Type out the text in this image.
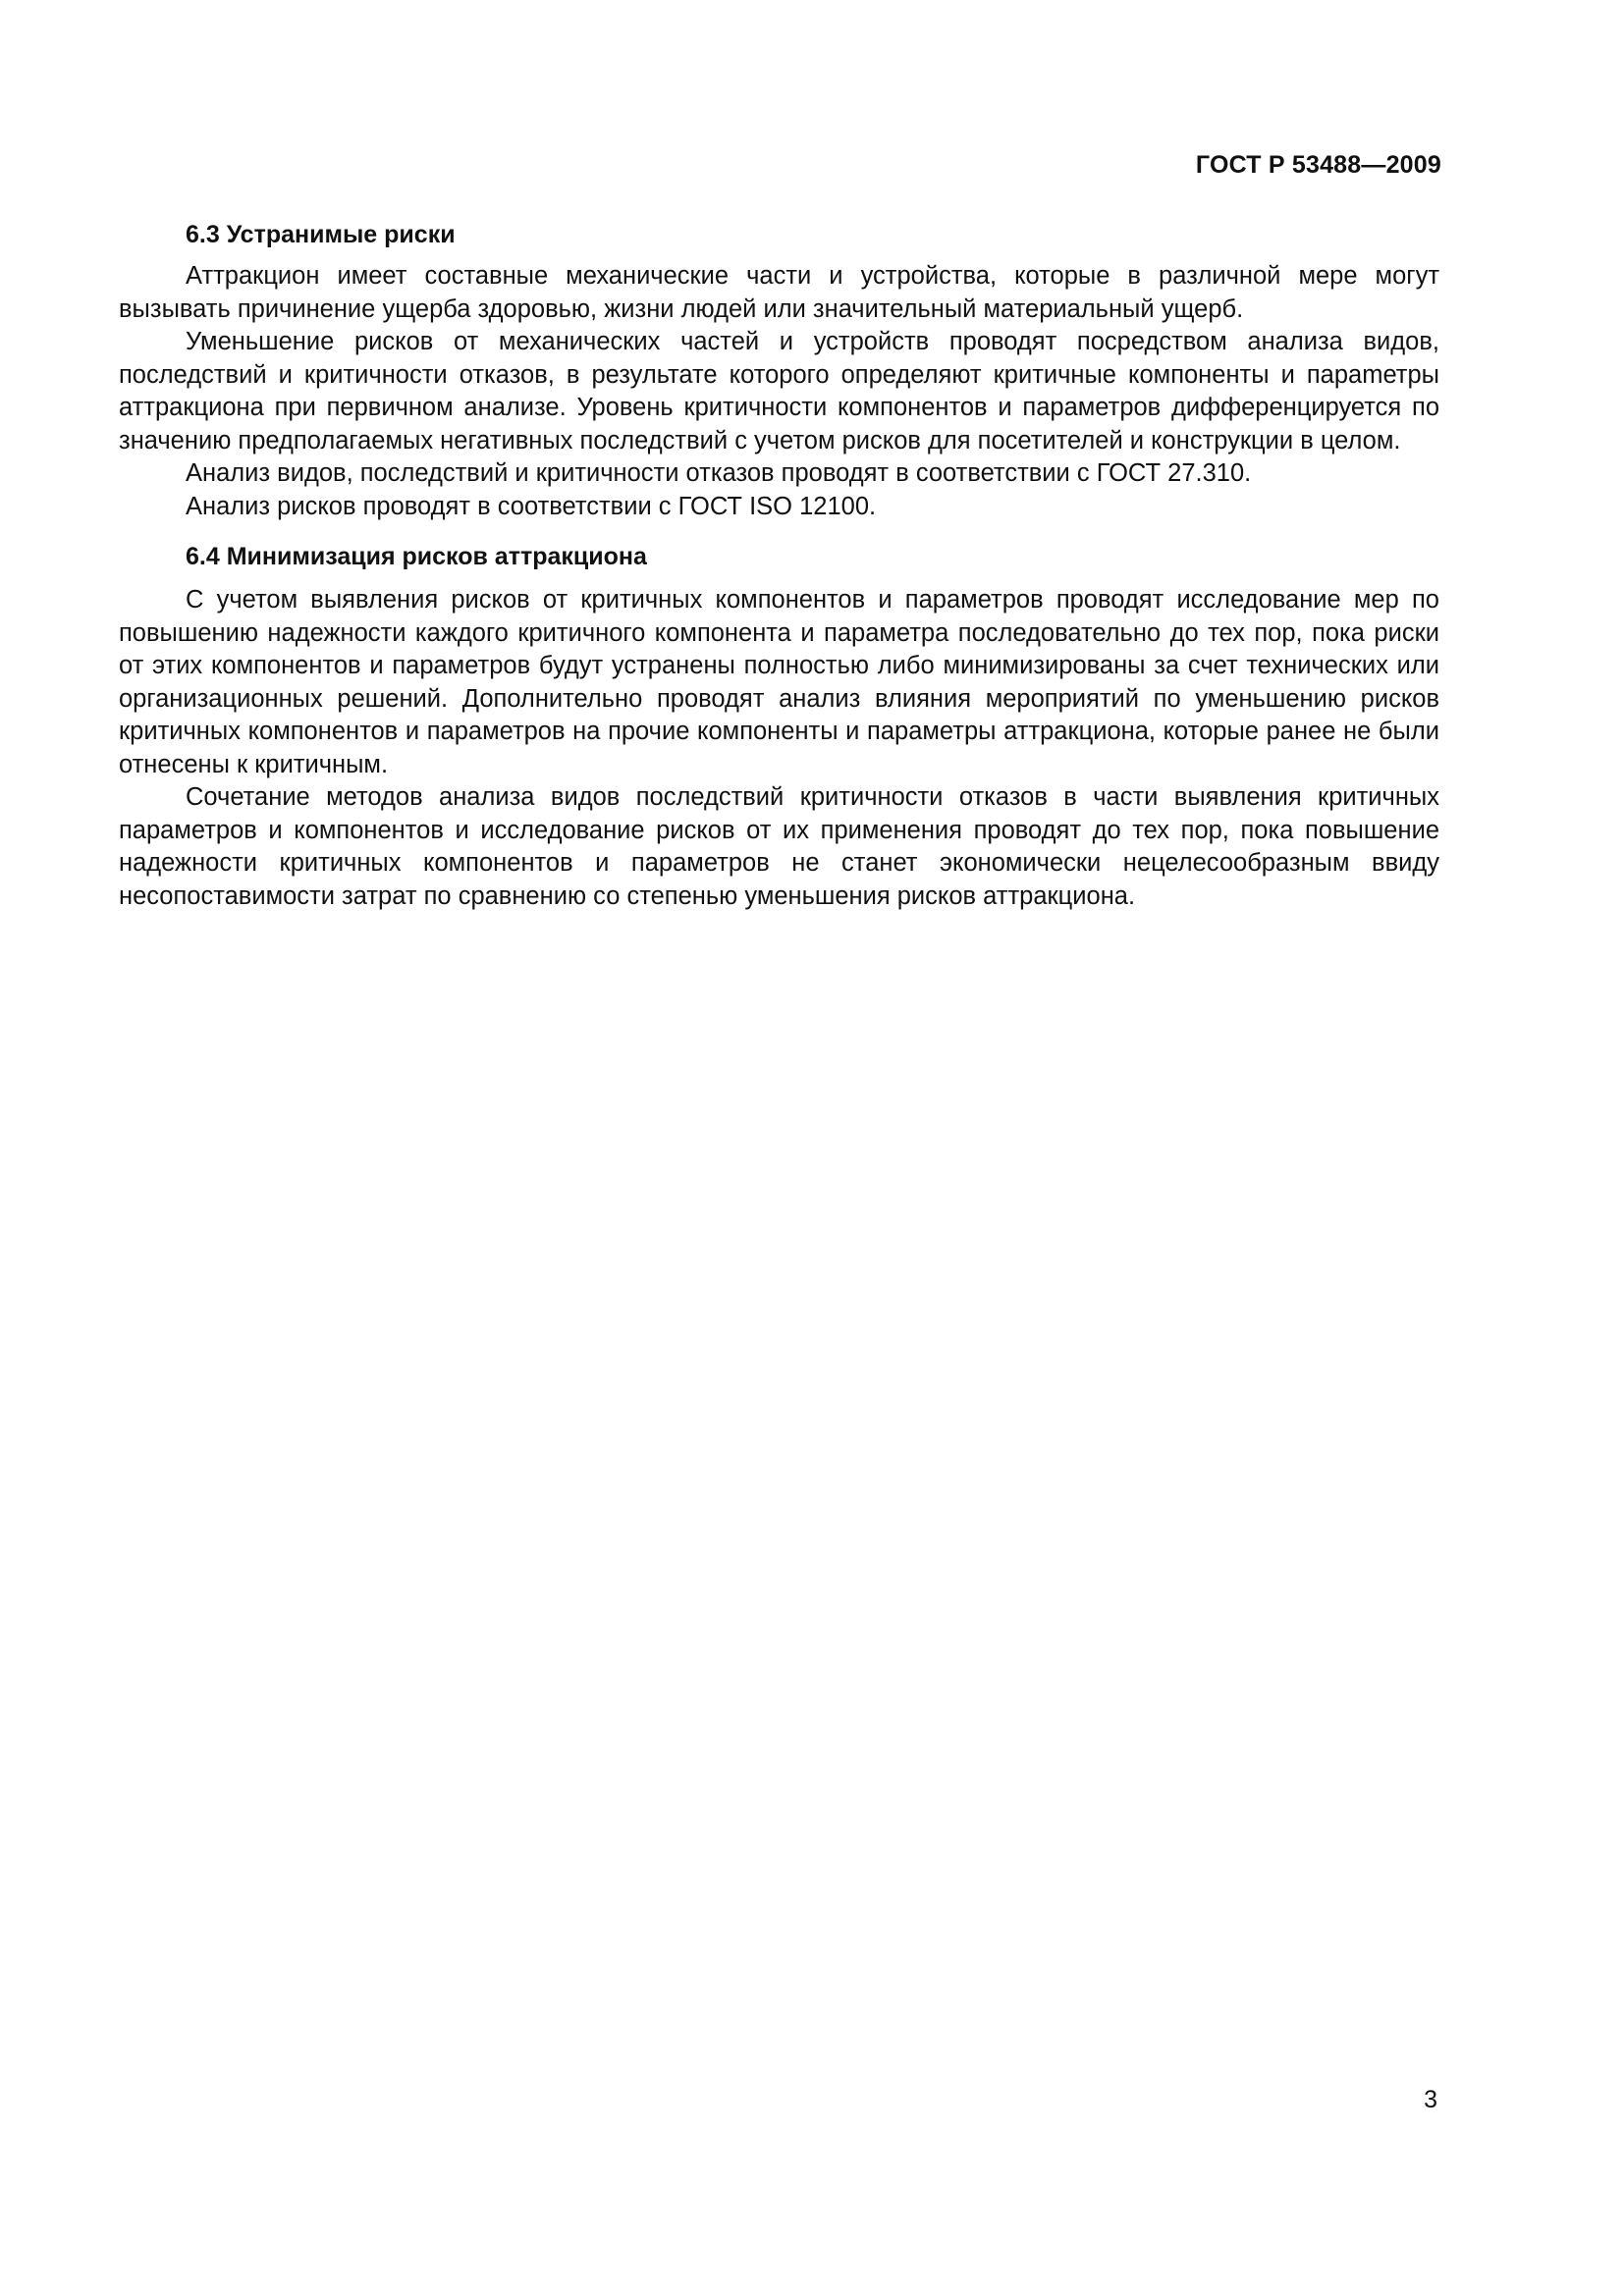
ГОСТ Р 53488—2009
6.3 Устранимые риски

Аттракцион имеет составные механические части и устройства, которые в различной мере могут вызывать причинение ущерба здоровью, жизни людей или значительный материальный ущерб.

Уменьшение рисков от механических частей и устройств проводят посредством анализа видов, последствий и критичности отказов, в результате которого определяют критичные компоненты и параmетры аттракциона при первичном анализе. Уровень критичности компонентов и параметров дифференцируется по значению предполагаемых негативных последствий с учетом рисков для посетителей и конструкции в целом.

Анализ видов, последствий и критичности отказов проводят в соответствии с ГОСТ 27.310.

Анализ рисков проводят в соответствии с ГОСТ ISO 12100.

6.4 Минимизация рисков аттракциона

С учетом выявления рисков от критичных компонентов и параметров проводят исследование мер по повышению надежности каждого критичного компонента и параметра последовательно до тех пор, пока риски от этих компонентов и параметров будут устранены полностью либо минимизированы за счет технических или организационных решений. Дополнительно проводят анализ влияния мероприятий по уменьшению рисков критичных компонентов и параметров на прочие компоненты и параметры аттракциона, которые ранее не были отнесены к критичным.

Сочетание методов анализа видов последствий критичности отказов в части выявления критичных параметров и компонентов и исследование рисков от их применения проводят до тех пор, пока повышение надежности критичных компонентов и параметров не станет экономически нецелесообразным ввиду несопоставимости затрат по сравнению со степенью уменьшения рисков аттракциона.

3
